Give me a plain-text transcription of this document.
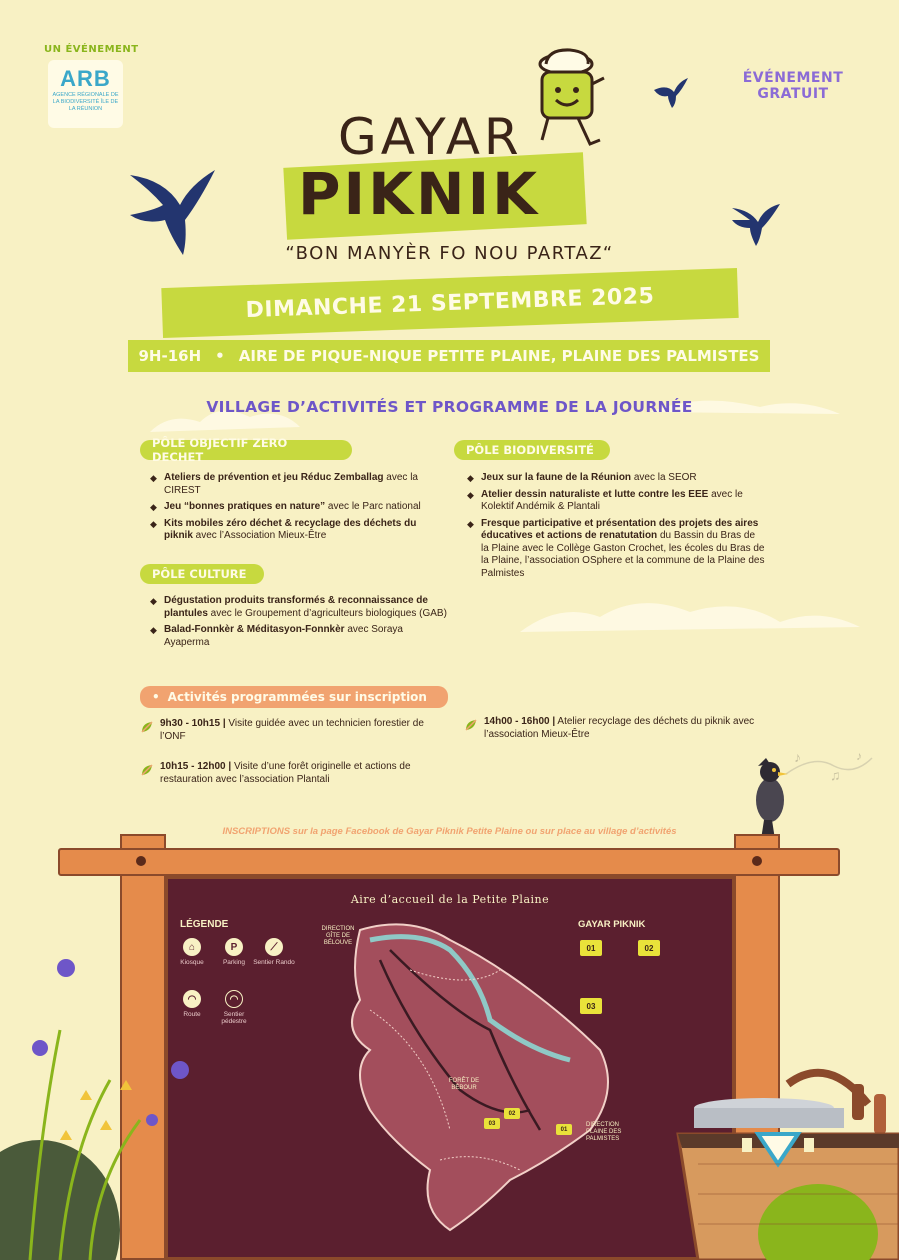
UN ÉVÉNEMENT
ARB
AGENCE RÉGIONALE DE LA BIODIVERSITÉ ÎLE DE LA RÉUNION
ÉVÉNEMENT
GRATUIT
GAYAR
PIKNIK
“BON MANYÈR FO NOU PARTAZ“
DIMANCHE 21 SEPTEMBRE 2025
9H-16H • AIRE DE PIQUE-NIQUE PETITE PLAINE, PLAINE DES PALMISTES
VILLAGE D’ACTIVITÉS ET PROGRAMME DE LA JOURNÉE
PÔLE OBJECTIF ZERO DECHET
◆ Ateliers de prévention et jeu Réduc Zemballag avec la CIREST
◆ Jeu “bonnes pratiques en nature” avec le Parc national
◆ Kits mobiles zéro déchet & recyclage des déchets du piknik avec l’Association Mieux-Être
PÔLE CULTURE
◆ Dégustation produits transformés & reconnaissance de plantules avec le Groupement d’agriculteurs biologiques (GAB)
◆ Balad-Fonnkèr & Méditasyon-Fonnkèr avec Soraya Ayaperma
PÔLE BIODIVERSITÉ
◆ Jeux sur la faune de la Réunion avec la SEOR
◆ Atelier dessin naturaliste et lutte contre les EEE avec le Kolektif Andémik & Plantali
◆ Fresque participative et présentation des projets des aires éducatives et actions de renatutation du Bassin du Bras de la Plaine avec le Collège Gaston Crochet, les écoles du Bras de la Plaine, l’association OSphere et la commune de la Plaine des Palmistes
• Activités programmées sur inscription
9h30 - 10h15 | Visite guidée avec un technicien forestier de l’ONF
10h15 - 12h00 | Visite d’une forêt originelle et actions de restauration avec l’association Plantali
14h00 - 16h00 | Atelier recyclage des déchets du piknik avec l’association Mieux-Être
INSCRIPTIONS sur la page Facebook de Gayar Piknik Petite Plaine ou sur place au village d’activités
♪
♫
♪
Aire d’accueil de la Petite Plaine
LÉGENDE
⌂
Kiosque
P
Parking
⟋
Sentier Rando
◠
Route
◠
Sentier pédestre
GAYAR PIKNIK
01	02
03
DIRECTION GÎTE DE BÉLOUVE
FORÊT DE BÉBOUR
DIRECTION PLAINE DES PALMISTES
03
02
01
